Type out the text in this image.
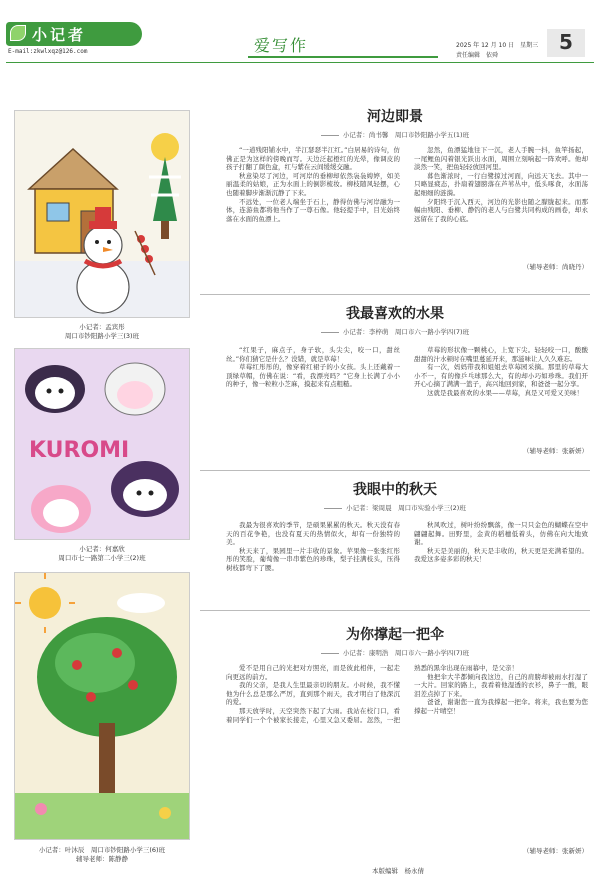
小记者
E-mail:zkwlxqz@126.com	爱写作	2025 年 12 月 10 日　星期三
责任编辑　依舜
5
小记者：孟宾彤
周口市钞阳路小学三(3)班
KUROMI
小记者：何嘉欣
周口市七一路第二小学三(2)班
小记者：叶沐辰　周口市钞阳路小学三(6)班
辅导老师：陈静静
河边即景
小记者：尚书馨　周口市钞阳路小学五(1)班

“一道残阳铺水中，半江瑟瑟半江红。”白居易的诗句，仿佛正是为这样的傍晚而写。天边泛起橙红的光晕，像调皮的孩子打翻了颜色盒，红与紫在云间缓缓交融。

秋意染尽了河边，可河岸的垂柳却依然袅袅娉婷，如美丽温柔的姑娘，正为水面上的倒影梳妆。柳枝随风轻摆，心也随着脚步渐渐沉静了下来。

不远处，一位老人端坐于石上，静得仿佛与河岸融为一体，连游鱼都将他当作了一尊石像。他轻提手中，目光始终落在水面的鱼漂上。

忽然，鱼漂猛地往下一沉，老人手腕一抖，鱼竿扬起，一尾鲤鱼闪着银光跃出水面，周围立刻响起一阵欢呼。他却淡然一笑，把鱼轻轻放回河里。

暮色渐浓时，一行白鹭掠过河面，向远天飞去。其中一只略显疲态，扑扇着翅膀落在芦苇丛中，低头啄食，水面荡起细细的涟漪。

夕阳终于沉入西天，河边的光影也随之朦胧起来。而那幅由残阳、垂柳、静钓的老人与白鹭共同构成的画卷，却永远留在了我的心底。

（辅导老师：尚晓丹）
我最喜欢的水果
小记者：李梓萌　周口市六一路小学四(7)班

“红果子，麻点子，身子软，头尖尖，咬一口，甜丝丝。”你们猜它是什么？没错，就是草莓！

草莓红彤彤的，像穿着红裙子的小女孩。头上还戴着一顶绿草帽，仿佛在说：“看，我漂亮吗？”它身上长满了小小的种子，像一粒粒小芝麻，摸起来有点粗糙。

草莓的形状像一颗桃心，上宽下尖。轻轻咬一口，酸酸甜甜的汁水顿时在嘴里蔓延开来，那滋味让人久久难忘。

有一次，妈妈带我和姐姐去草莓园采摘。那里的草莓大小不一，有的像乒乓球那么大，有的却小巧如珍珠。我们开开心心摘了满满一篮子，高兴地回到家，和爸爸一起分享。

这就是我最喜欢的水果——草莓，真是又可爱又美味！

（辅导老师：张新妍）
我眼中的秋天
小记者：梁周晨　周口市实验小学三(2)班

我最为很喜欢的季节，是硕果累累的秋天。秋天没有春天的百花争艳，也没有夏天的热情似火，却有一份独特的美。

秋天来了，果园里一片丰收的景象。苹果像一张张红彤彤的笑脸，葡萄像一串串紫色的珍珠，梨子挂满枝头，压得树枝都弯下了腰。

秋风吹过，树叶纷纷飘落，像一只只金色的蝴蝶在空中翩翩起舞。田野里，金黄的稻穗低着头，仿佛在向大地致谢。

秋天是美丽的，秋天是丰收的，秋天更是充满希望的。我爱这多姿多彩的秋天！

为你撑起一把伞
小记者：康明浩　周口市六一路小学四(7)班

爱不是用自己的光把对方照亮，而是彼此相伴，一起走向更远的前方。

我的父亲，是我人生里最亲切的朋友。小时候，我不懂他为什么总是那么严厉，直到那个雨天，我才明白了他深沉的爱。

那天放学时，天空突然下起了大雨。我站在校门口，看着同学们一个个被家长接走，心里又急又委屈。忽然，一把熟悉的黑伞出现在雨幕中，是父亲！

他把伞大半都倾向我这边，自己的肩膀却被雨水打湿了一大片。回家的路上，我看着他湿透的衣衫，鼻子一酸，眼泪差点掉了下来。

爸爸，谢谢您一直为我撑起一把伞。将来，我也要为您撑起一片晴空！

（辅导老师：张新妍）
本版编辑　杨永倩
